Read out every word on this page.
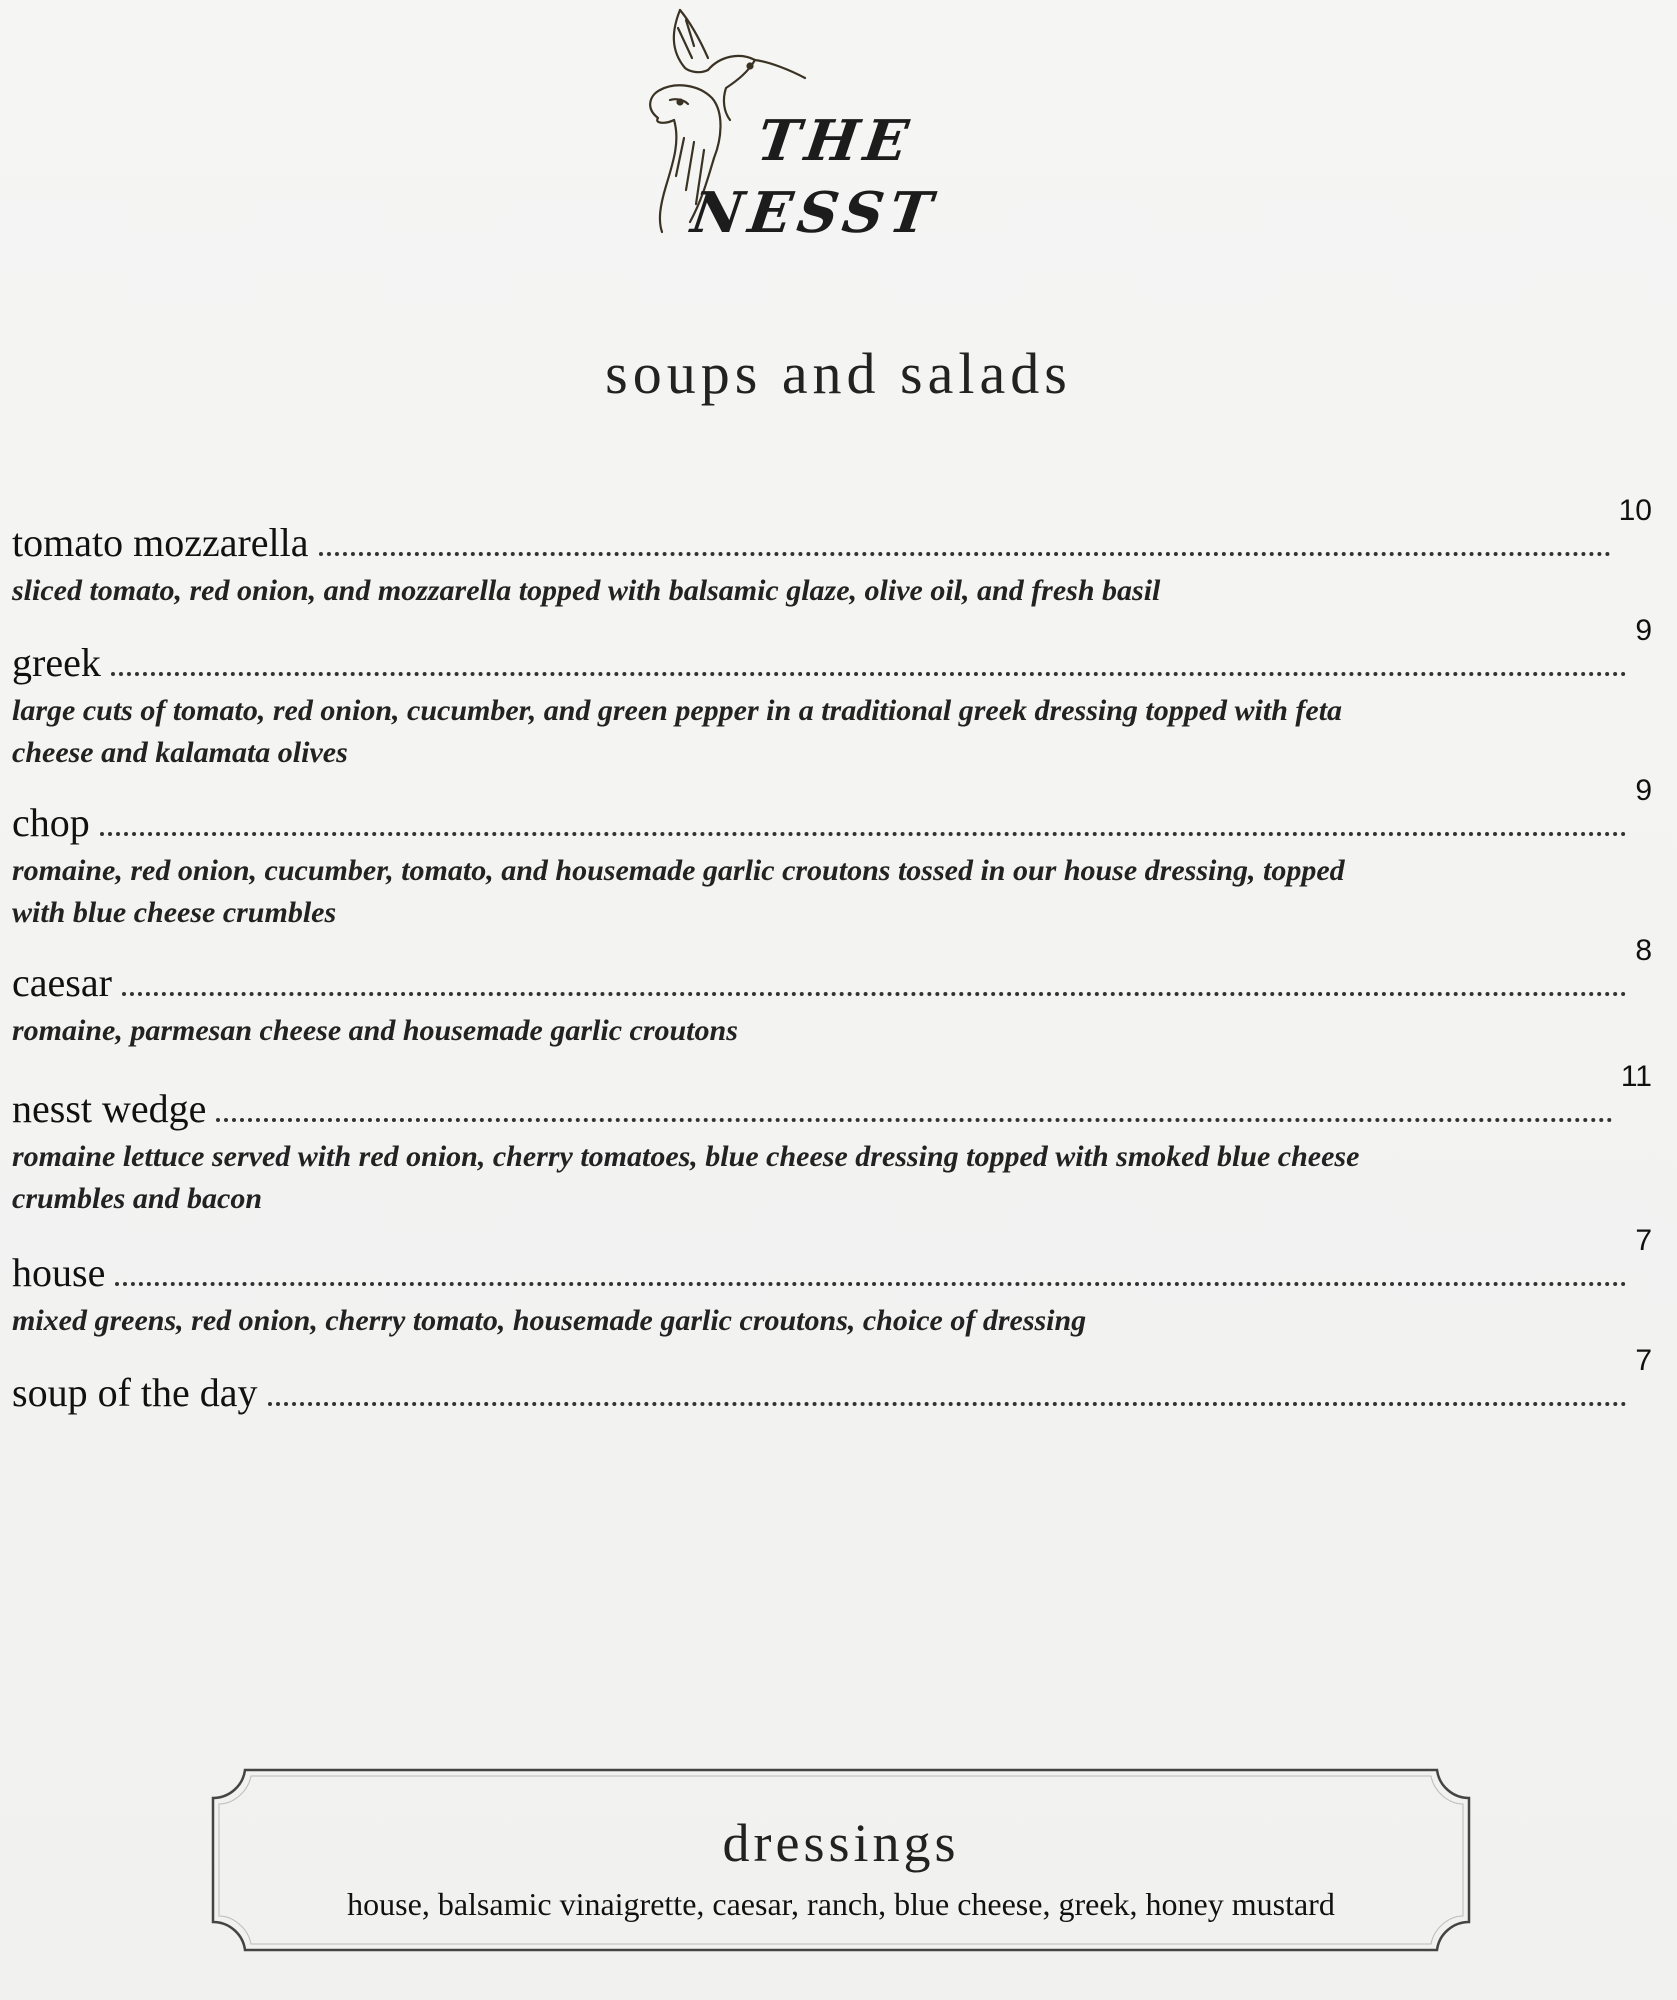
THE
NESST
soups and salads
tomato mozzarella
10
sliced tomato, red onion, and mozzarella topped with balsamic glaze, olive oil, and fresh basil
greek
9
large cuts of tomato, red onion, cucumber, and green pepper in a traditional greek dressing topped with feta cheese and kalamata olives
chop
9
romaine, red onion, cucumber, tomato, and housemade garlic croutons tossed in our house dressing, topped with blue cheese crumbles
caesar
8
romaine, parmesan cheese and housemade garlic croutons
nesst wedge
11
romaine lettuce served with red onion, cherry tomatoes, blue cheese dressing topped with smoked blue cheese crumbles and bacon
house
7
mixed greens, red onion, cherry tomato, housemade garlic croutons, choice of dressing
soup of the day
7
dressings
house, balsamic vinaigrette, caesar, ranch, blue cheese, greek, honey mustard
